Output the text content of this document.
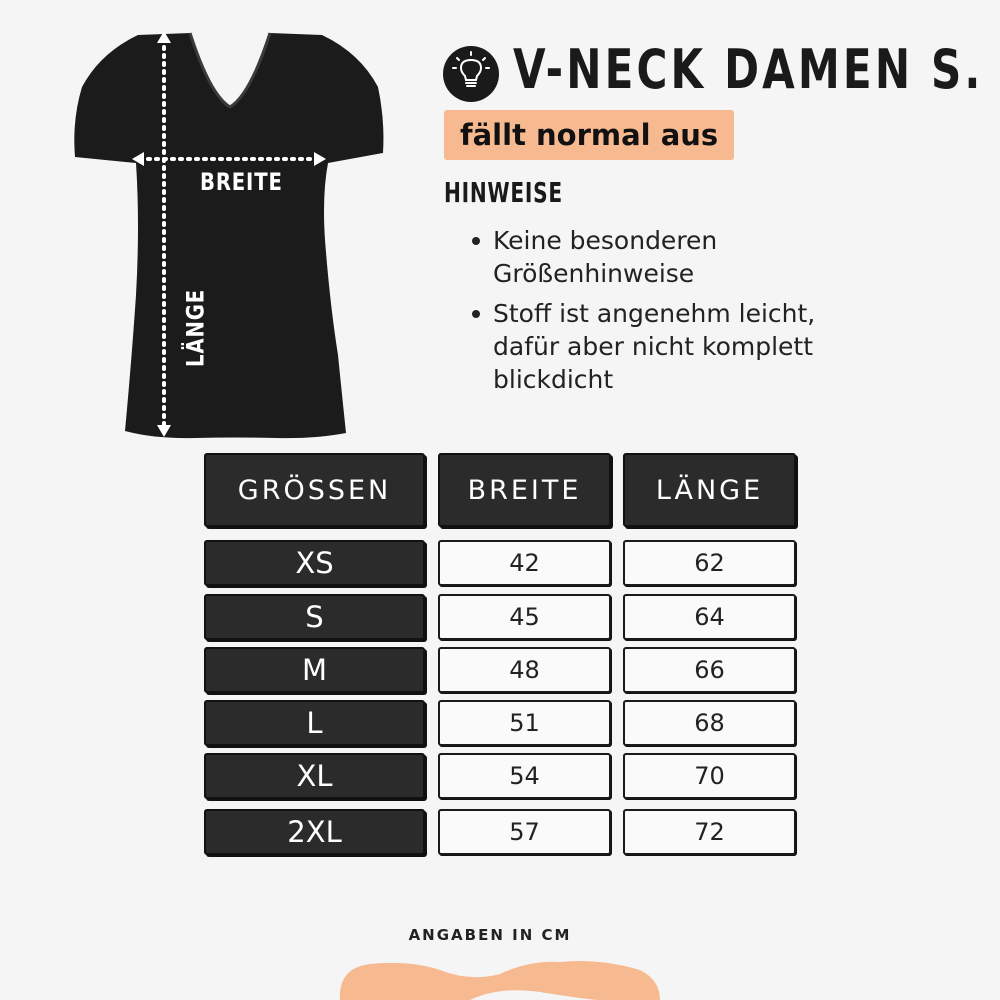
BREITE
LÄNGE
V-NECK DAMEN S.
fällt normal aus
HINWEISE
Keine besonderen Größenhinweise
Stoff ist angenehm leicht, dafür aber nicht komplett blickdicht
GRÖSSEN	BREITE	LÄNGE
XS	42	62
S	45	64
M	48	66
L	51	68
XL	54	70
2XL	57	72
ANGABEN IN CM
